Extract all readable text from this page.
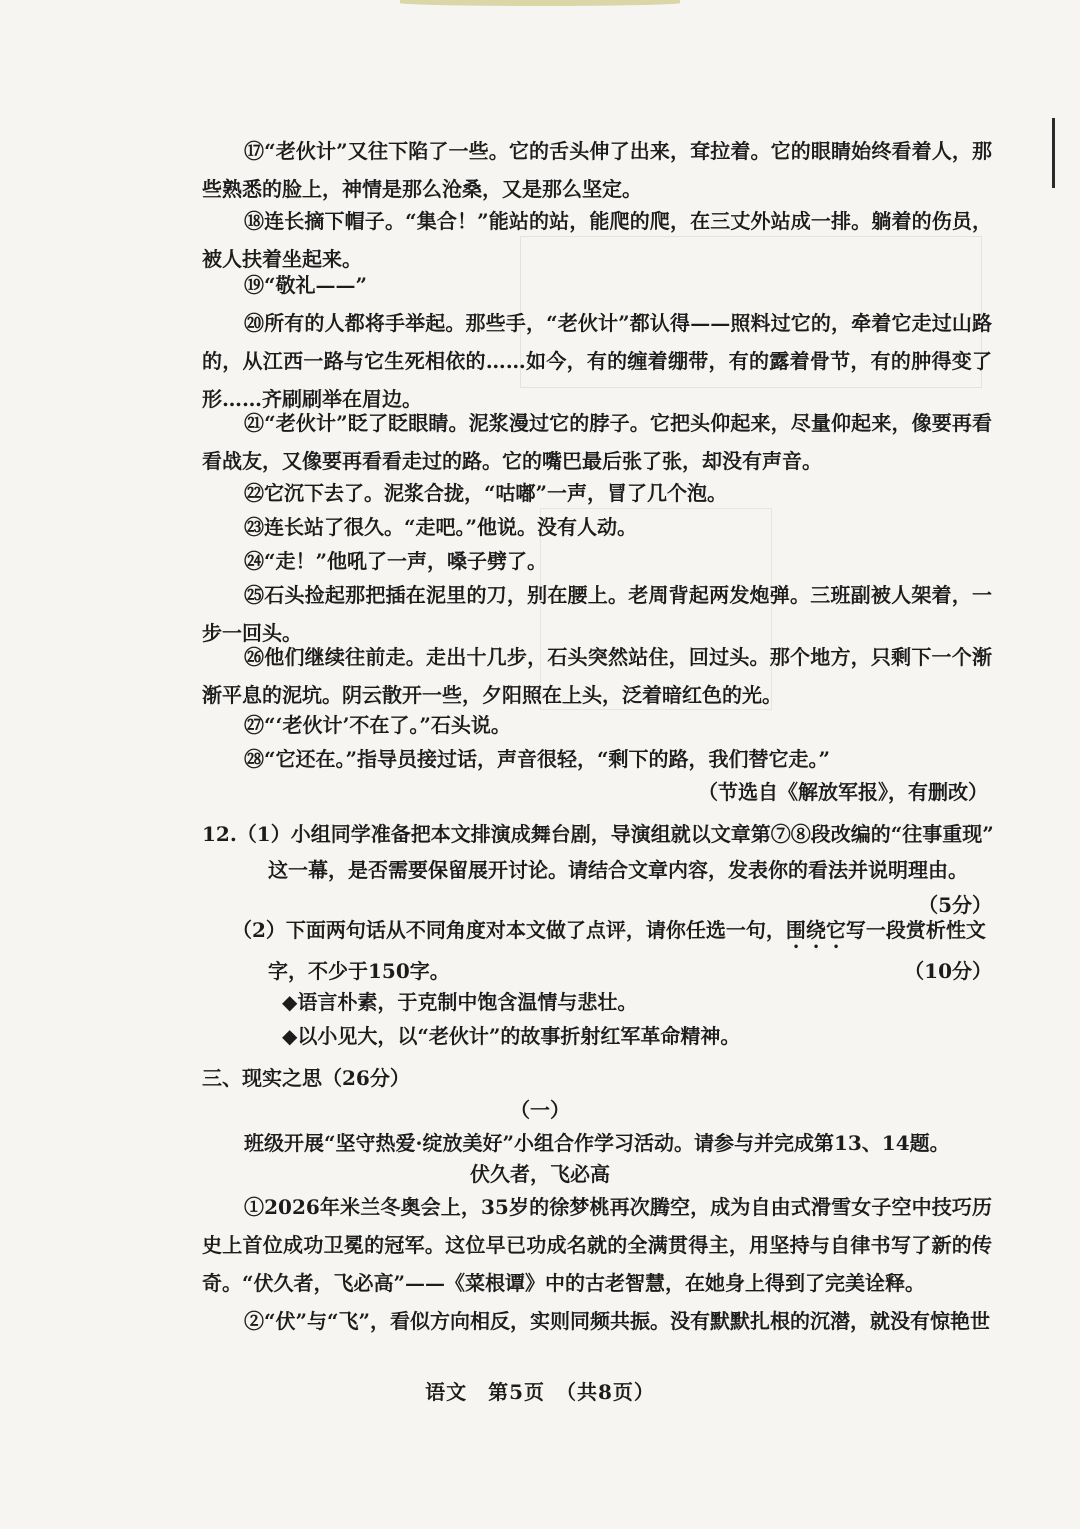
⑰“老伙计”又往下陷了一些。它的舌头伸了出来，耷拉着。它的眼睛始终看着人，那些熟悉的脸上，神情是那么沧桑，又是那么坚定。
⑱连长摘下帽子。“集合！”能站的站，能爬的爬，在三丈外站成一排。躺着的伤员，被人扶着坐起来。
⑲“敬礼——”
⑳所有的人都将手举起。那些手，“老伙计”都认得——照料过它的，牵着它走过山路的，从江西一路与它生死相依的……如今，有的缠着绷带，有的露着骨节，有的肿得变了形……齐刷刷举在眉边。
㉑“老伙计”眨了眨眼睛。泥浆漫过它的脖子。它把头仰起来，尽量仰起来，像要再看看战友，又像要再看看走过的路。它的嘴巴最后张了张，却没有声音。
㉒它沉下去了。泥浆合拢，“咕嘟”一声，冒了几个泡。
㉓连长站了很久。“走吧。”他说。没有人动。
㉔“走！”他吼了一声，嗓子劈了。
㉕石头捡起那把插在泥里的刀，别在腰上。老周背起两发炮弹。三班副被人架着，一步一回头。
㉖他们继续往前走。走出十几步，石头突然站住，回过头。那个地方，只剩下一个渐渐平息的泥坑。阴云散开一些，夕阳照在上头，泛着暗红色的光。
㉗“‘老伙计’不在了。”石头说。
㉘“它还在。”指导员接过话，声音很轻，“剩下的路，我们替它走。”
（节选自《解放军报》，有删改）
12.（1）小组同学准备把本文排演成舞台剧，导演组就以文章第⑦⑧段改编的“往事重现”
这一幕，是否需要保留展开讨论。请结合文章内容，发表你的看法并说明理由。
（5分）
（2）下面两句话从不同角度对本文做了点评，请你任选一句，围绕它写一段赏析性文
字，不少于150字。	（10分）
◆语言朴素，于克制中饱含温情与悲壮。
◆以小见大，以“老伙计”的故事折射红军革命精神。
三、现实之思（26分）
（一）
班级开展“坚守热爱·绽放美好”小组合作学习活动。请参与并完成第13、14题。
伏久者，飞必高
①2026年米兰冬奥会上，35岁的徐梦桃再次腾空，成为自由式滑雪女子空中技巧历史上首位成功卫冕的冠军。这位早已功成名就的全满贯得主，用坚持与自律书写了新的传奇。“伏久者，飞必高”——《菜根谭》中的古老智慧，在她身上得到了完美诠释。
②“伏”与“飞”，看似方向相反，实则同频共振。没有默默扎根的沉潜，就没有惊艳世
语文　第5页　（共8页）
